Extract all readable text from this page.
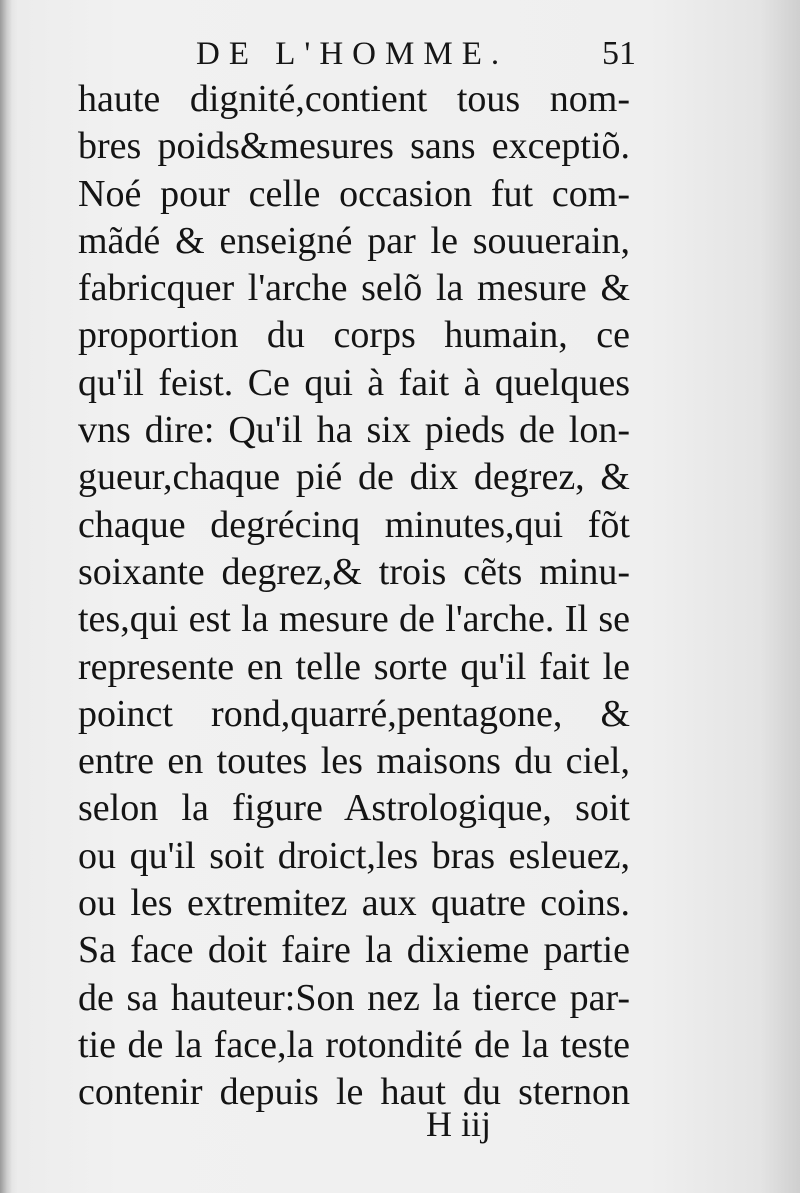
DE L'HOMME.	51
haute dignité,contient tous nom-
bres poids&mesures sans exceptiõ.
Noé pour celle occasion fut com-
mãdé & enseigné par le souuerain,
fabricquer l'arche selõ la mesure &
proportion du corps humain, ce
qu'il feist. Ce qui à fait à quelques
vns dire: Qu'il ha six pieds de lon-
gueur,chaque pié de dix degrez, &
chaque degrécinq minutes,qui fõt
soixante degrez,& trois cẽts minu-
tes,qui est la mesure de l'arche. Il se
represente en telle sorte qu'il fait le
poinct rond,quarré,pentagone, &
entre en toutes les maisons du ciel,
selon la figure Astrologique, soit
ou qu'il soit droict,les bras esleuez,
ou les extremitez aux quatre coins.
Sa face doit faire la dixieme partie
de sa hauteur:Son nez la tierce par-
tie de la face,la rotondité de la teste
contenir depuis le haut du sternon
H iij
